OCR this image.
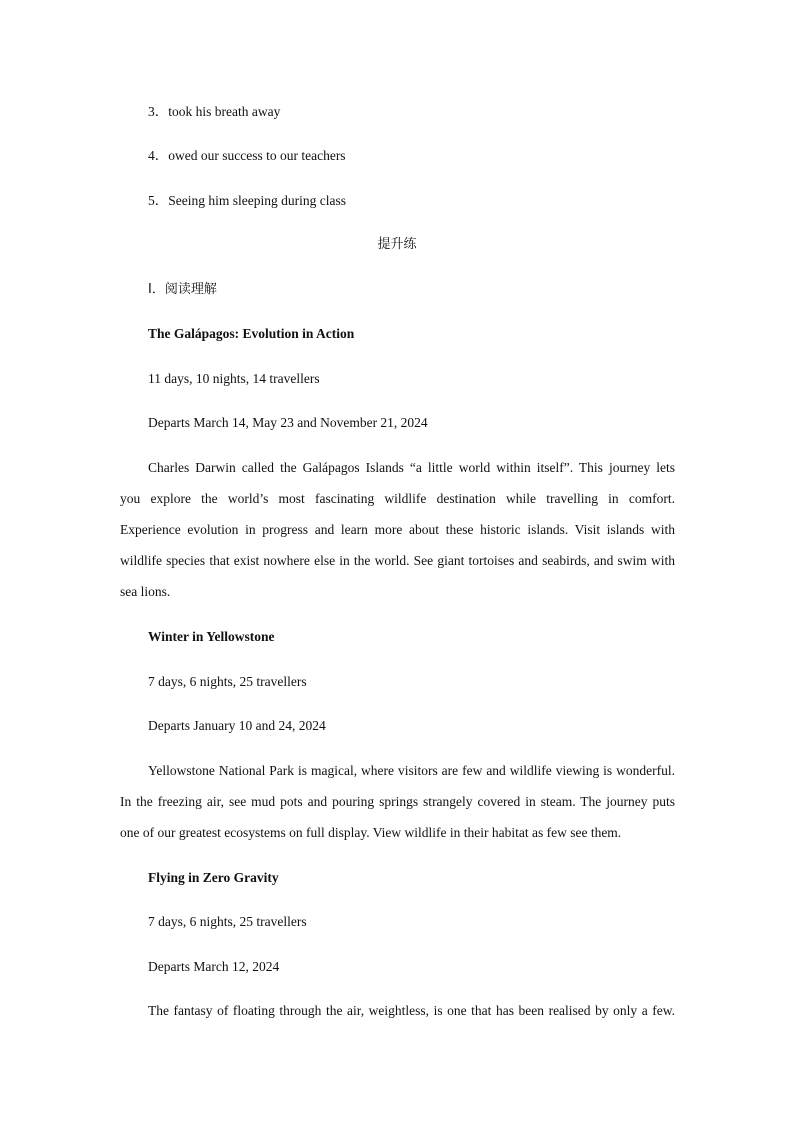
3．took his breath away
4．owed our success to our teachers
5．Seeing him sleeping during class
提升练
Ⅰ．阅读理解
The Galápagos: Evolution in Action
11 days, 10 nights, 14 travellers
Departs March 14, May 23 and November 21, 2024
Charles Darwin called the Galápagos Islands “a little world within itself”. This journey lets
you explore the world’s most fascinating wildlife destination while travelling in comfort.
Experience evolution in progress and learn more about these historic islands. Visit islands with
wildlife species that exist nowhere else in the world. See giant tortoises and seabirds, and swim with
sea lions.
Winter in Yellowstone
7 days, 6 nights, 25 travellers
Departs January 10 and 24, 2024
Yellowstone National Park is magical, where visitors are few and wildlife viewing is wonderful.
In the freezing air, see mud pots and pouring springs strangely covered in steam. The journey puts
one of our greatest ecosystems on full display. View wildlife in their habitat as few see them.
Flying in Zero Gravity
7 days, 6 nights, 25 travellers
Departs March 12, 2024
The fantasy of floating through the air, weightless, is one that has been realised by only a few.
